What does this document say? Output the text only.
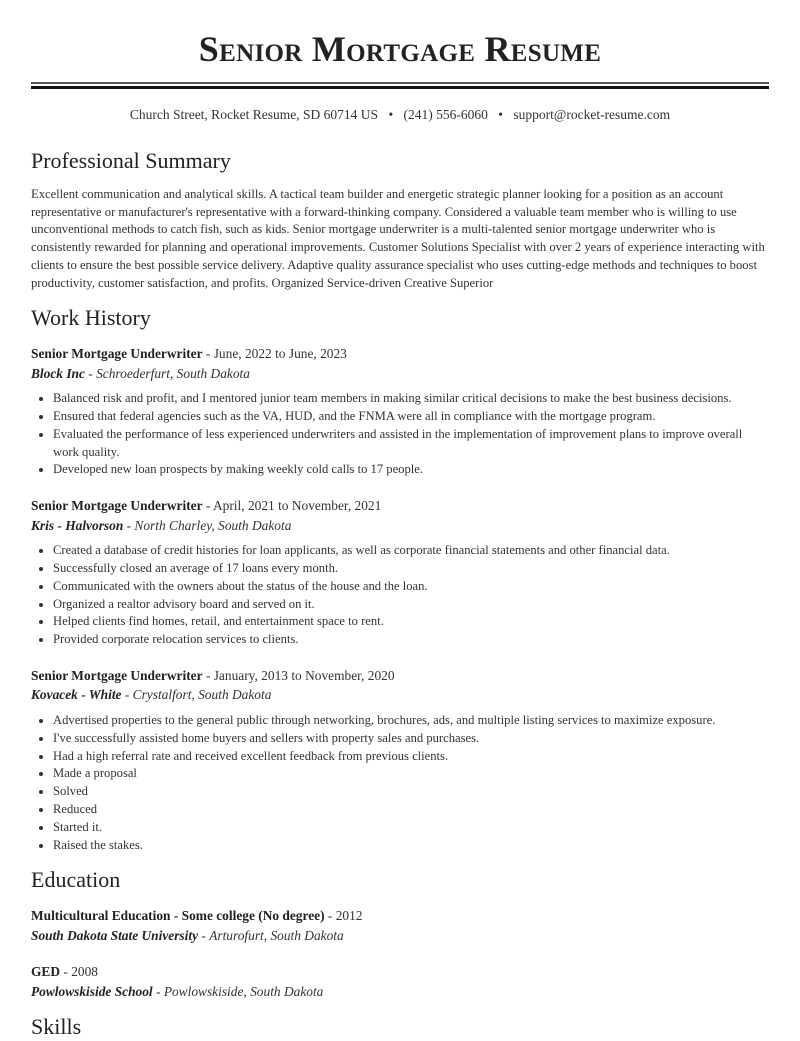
Senior Mortgage Resume
Church Street, Rocket Resume, SD 60714 US • (241) 556-6060 • support@rocket-resume.com
Professional Summary
Excellent communication and analytical skills. A tactical team builder and energetic strategic planner looking for a position as an account representative or manufacturer's representative with a forward-thinking company. Considered a valuable team member who is willing to use unconventional methods to catch fish, such as kids. Senior mortgage underwriter is a multi-talented senior mortgage underwriter who is consistently rewarded for planning and operational improvements. Customer Solutions Specialist with over 2 years of experience interacting with clients to ensure the best possible service delivery. Adaptive quality assurance specialist who uses cutting-edge methods and techniques to boost productivity, customer satisfaction, and profits. Organized Service-driven Creative Superior
Work History
Senior Mortgage Underwriter - June, 2022 to June, 2023
Block Inc - Schroederfurt, South Dakota
• Balanced risk and profit, and I mentored junior team members in making similar critical decisions to make the best business decisions.
• Ensured that federal agencies such as the VA, HUD, and the FNMA were all in compliance with the mortgage program.
• Evaluated the performance of less experienced underwriters and assisted in the implementation of improvement plans to improve overall work quality.
• Developed new loan prospects by making weekly cold calls to 17 people.
Senior Mortgage Underwriter - April, 2021 to November, 2021
Kris - Halvorson - North Charley, South Dakota
• Created a database of credit histories for loan applicants, as well as corporate financial statements and other financial data.
• Successfully closed an average of 17 loans every month.
• Communicated with the owners about the status of the house and the loan.
• Organized a realtor advisory board and served on it.
• Helped clients find homes, retail, and entertainment space to rent.
• Provided corporate relocation services to clients.
Senior Mortgage Underwriter - January, 2013 to November, 2020
Kovacek - White - Crystalfort, South Dakota
• Advertised properties to the general public through networking, brochures, ads, and multiple listing services to maximize exposure.
• I've successfully assisted home buyers and sellers with property sales and purchases.
• Had a high referral rate and received excellent feedback from previous clients.
• Made a proposal
• Solved
• Reduced
• Started it.
• Raised the stakes.
Education
Multicultural Education - Some college (No degree) - 2012
South Dakota State University - Arturofurt, South Dakota
GED - 2008
Powlowskiside School - Powlowskiside, South Dakota
Skills
